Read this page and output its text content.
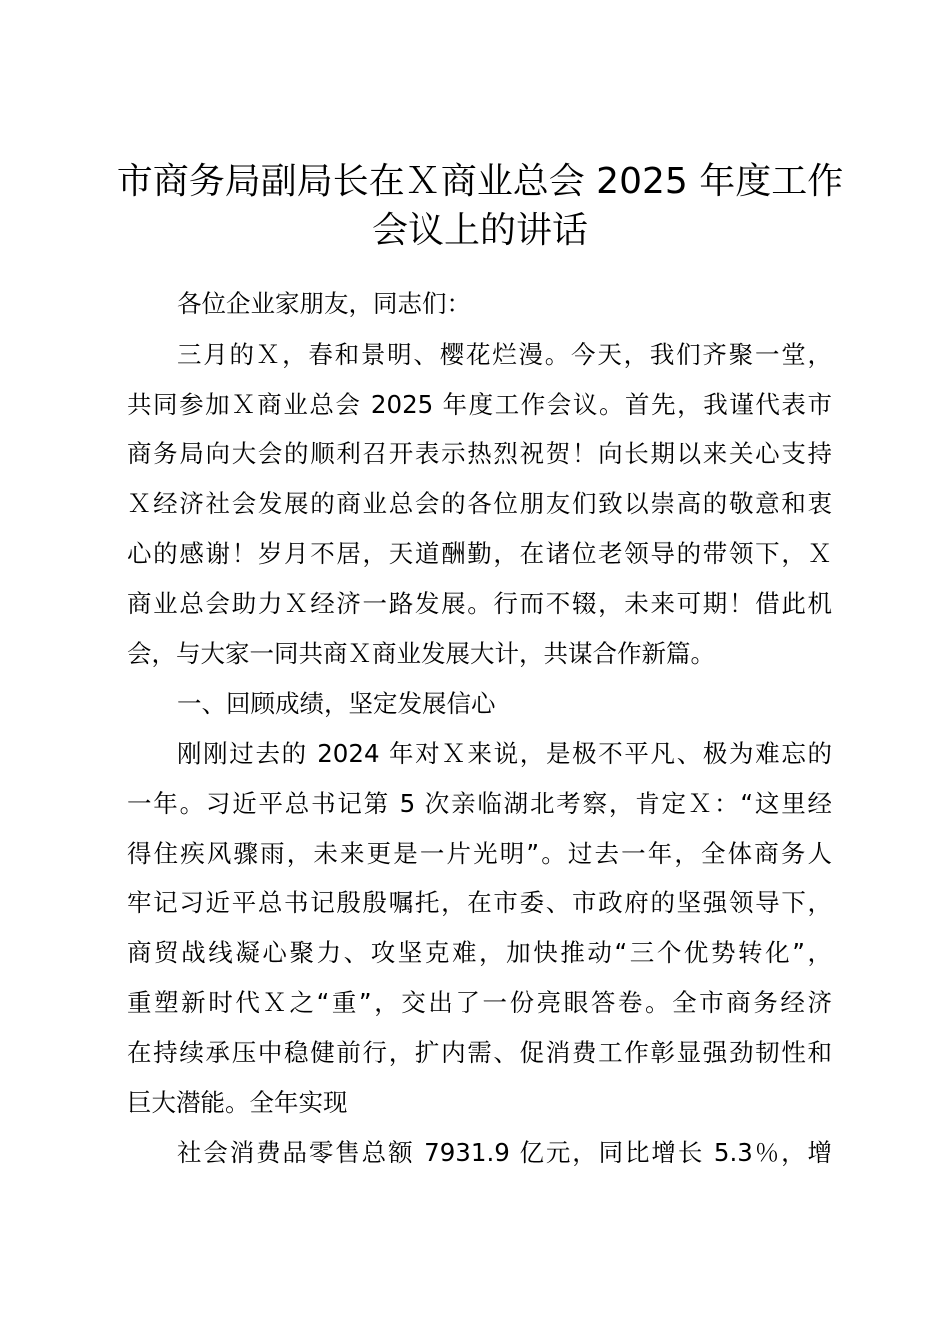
市商务局副局长在Ｘ商业总会 2025 年度工作
会议上的讲话

各位企业家朋友，同志们：

三月的Ｘ，春和景明、樱花烂漫。今天，我们齐聚一堂，

共同参加Ｘ商业总会 2025 年度工作会议。首先，我谨代表市

商务局向大会的顺利召开表示热烈祝贺！向长期以来关心支持

Ｘ经济社会发展的商业总会的各位朋友们致以崇高的敬意和衷

心的感谢！岁月不居，天道酬勤，在诸位老领导的带领下，Ｘ

商业总会助力Ｘ经济一路发展。行而不辍，未来可期！借此机

会，与大家一同共商Ｘ商业发展大计，共谋合作新篇。

一、回顾成绩，坚定发展信心

刚刚过去的 2024 年对Ｘ来说，是极不平凡、极为难忘的

一年。习近平总书记第 5 次亲临湖北考察，肯定Ｘ：“这里经

得住疾风骤雨，未来更是一片光明”。过去一年，全体商务人

牢记习近平总书记殷殷嘱托，在市委、市政府的坚强领导下，

商贸战线凝心聚力、攻坚克难，加快推动“三个优势转化”，

重塑新时代Ｘ之“重”，交出了一份亮眼答卷。全市商务经济

在持续承压中稳健前行，扩内需、促消费工作彰显强劲韧性和

巨大潜能。全年实现

社会消费品零售总额 7931.9 亿元，同比增长 5.3％，增
